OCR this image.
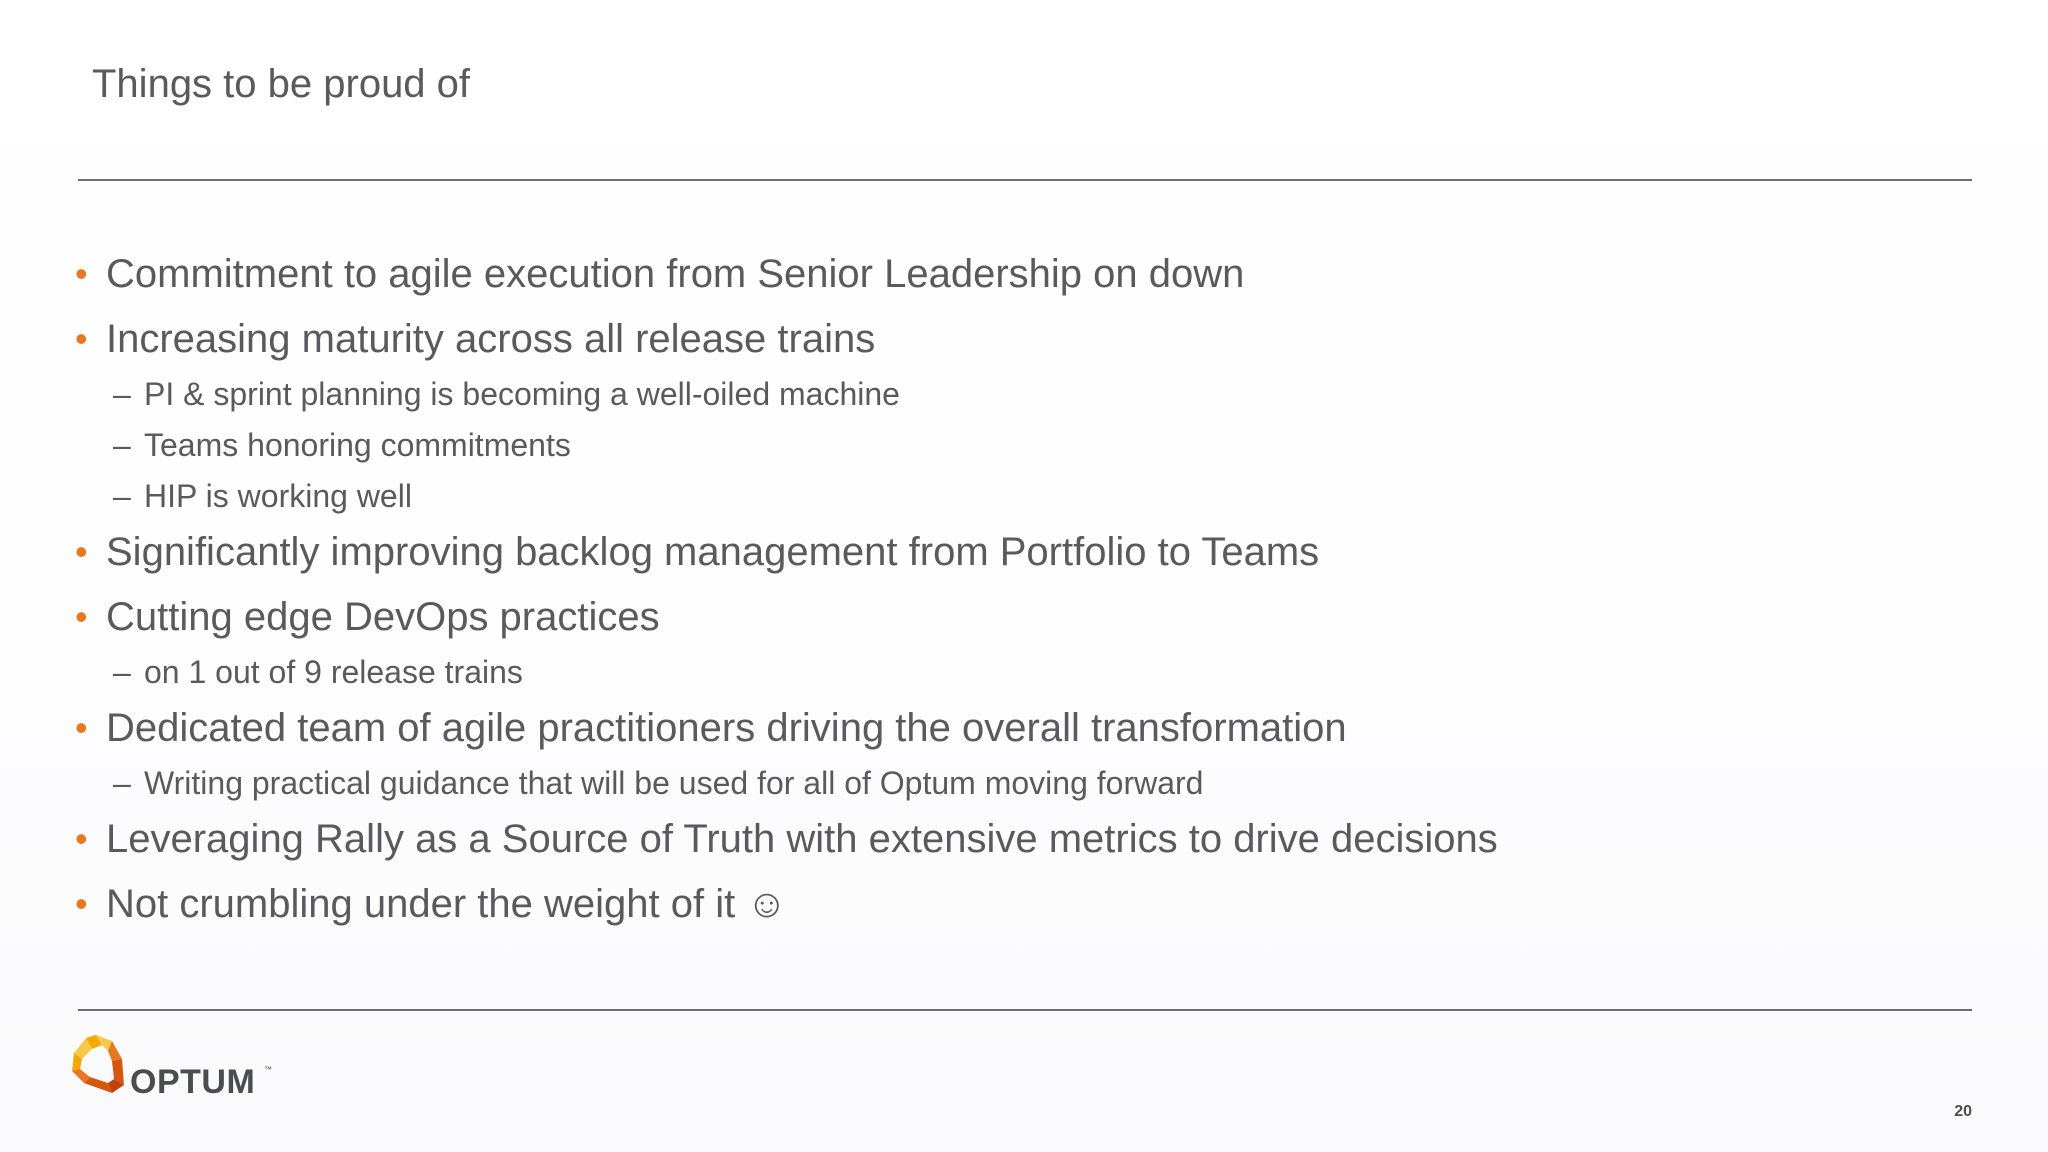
Things to be proud of
• Commitment to agile execution from Senior Leadership on down
• Increasing maturity across all release trains
– PI & sprint planning is becoming a well-oiled machine
– Teams honoring commitments
– HIP is working well
• Significantly improving backlog management from Portfolio to Teams
• Cutting edge DevOps practices
– on 1 out of 9 release trains
• Dedicated team of agile practitioners driving the overall transformation
– Writing practical guidance that will be used for all of Optum moving forward
• Leveraging Rally as a Source of Truth with extensive metrics to drive decisions
• Not crumbling under the weight of it ☺
OPTUM ™
20
